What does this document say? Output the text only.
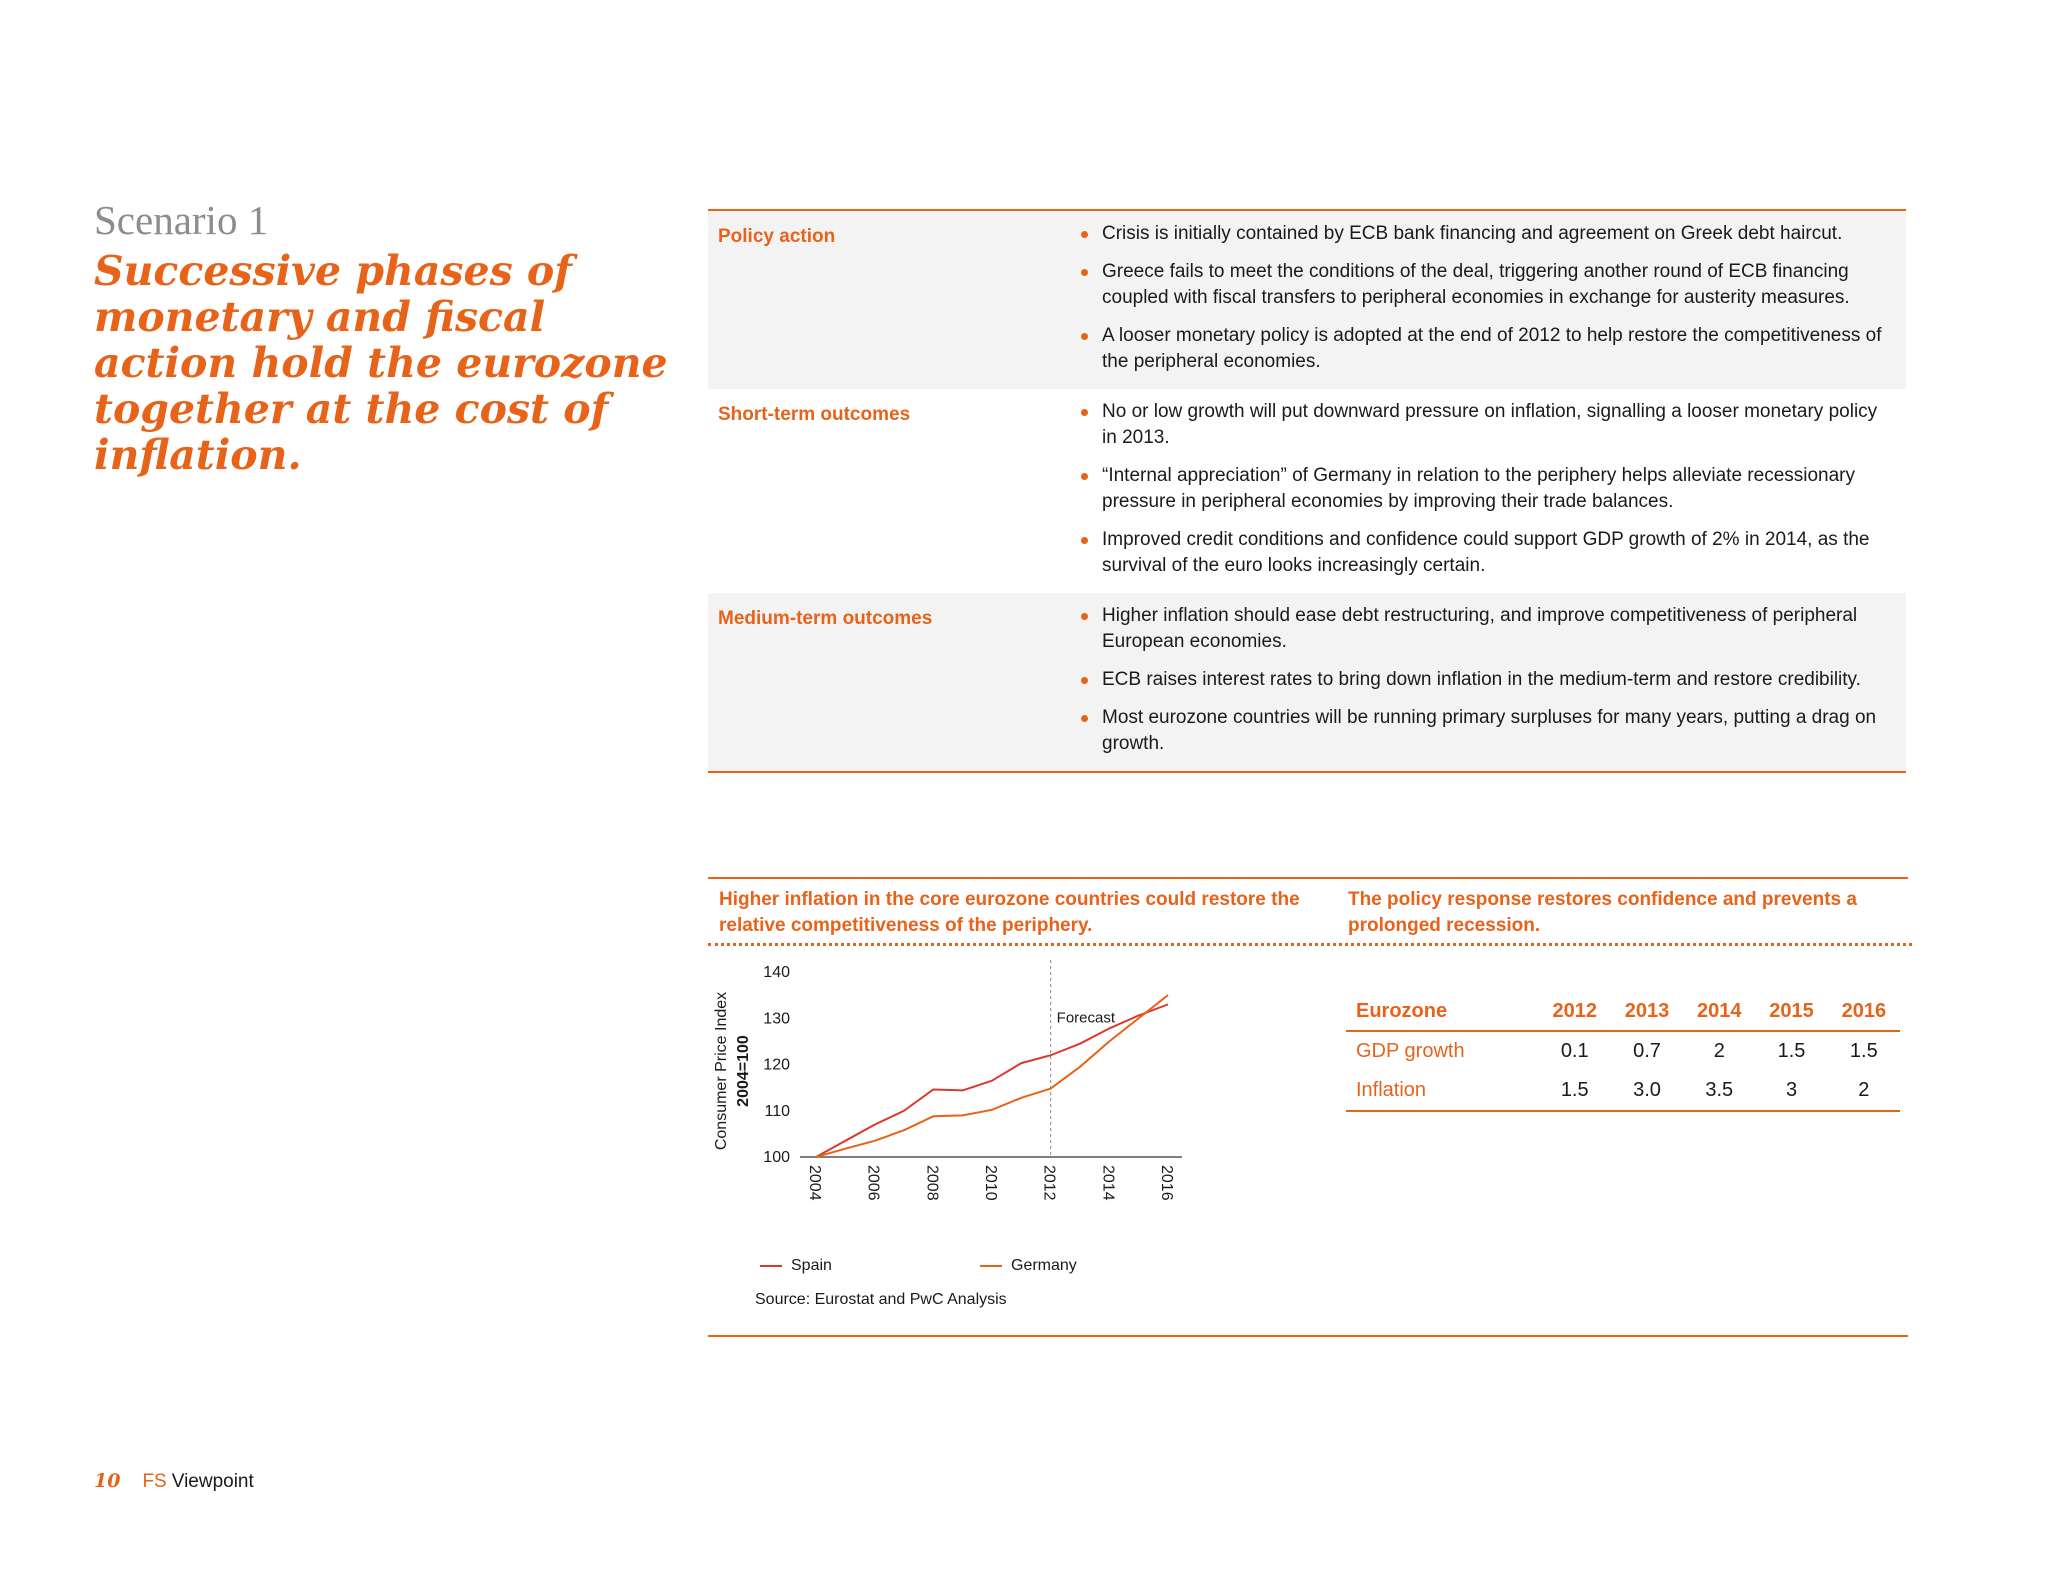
Scenario 1
Successive phases of monetary and fiscal action hold the eurozone together at the cost of inflation.
Policy action	Crisis is initially contained by ECB bank financing and agreement on Greek debt haircut.
Greece fails to meet the conditions of the deal, triggering another round of ECB financing coupled with fiscal transfers to peripheral economies in exchange for austerity measures.
A looser monetary policy is adopted at the end of 2012 to help restore the competitiveness of the peripheral economies.
Short-term outcomes	No or low growth will put downward pressure on inflation, signalling a looser monetary policy in 2013.
“Internal appreciation” of Germany in relation to the periphery helps alleviate recessionary pressure in peripheral economies by improving their trade balances.
Improved credit conditions and confidence could support GDP growth of 2% in 2014, as the survival of the euro looks increasingly certain.
Medium-term outcomes	Higher inflation should ease debt restructuring, and improve competitiveness of peripheral European economies.
ECB raises interest rates to bring down inflation in the medium-term and restore credibility.
Most eurozone countries will be running primary surpluses for many years, putting a drag on growth.

Higher inflation in the core eurozone countries could restore the relative competitiveness of the periphery.

The policy response restores confidence and prevents a prolonged recession.

100
110
120
130
140
2004	2006	2008	2010	2012	2014	2016
Consumer Price Index 2004=100
Forecast
Spain	Germany
Source: Eurostat and PwC Analysis
Eurozone	2012	2013	2014	2015	2016
GDP growth	0.1	0.7	2	1.5	1.5
Inflation	1.5	3.0	3.5	3	2
10 FS Viewpoint
